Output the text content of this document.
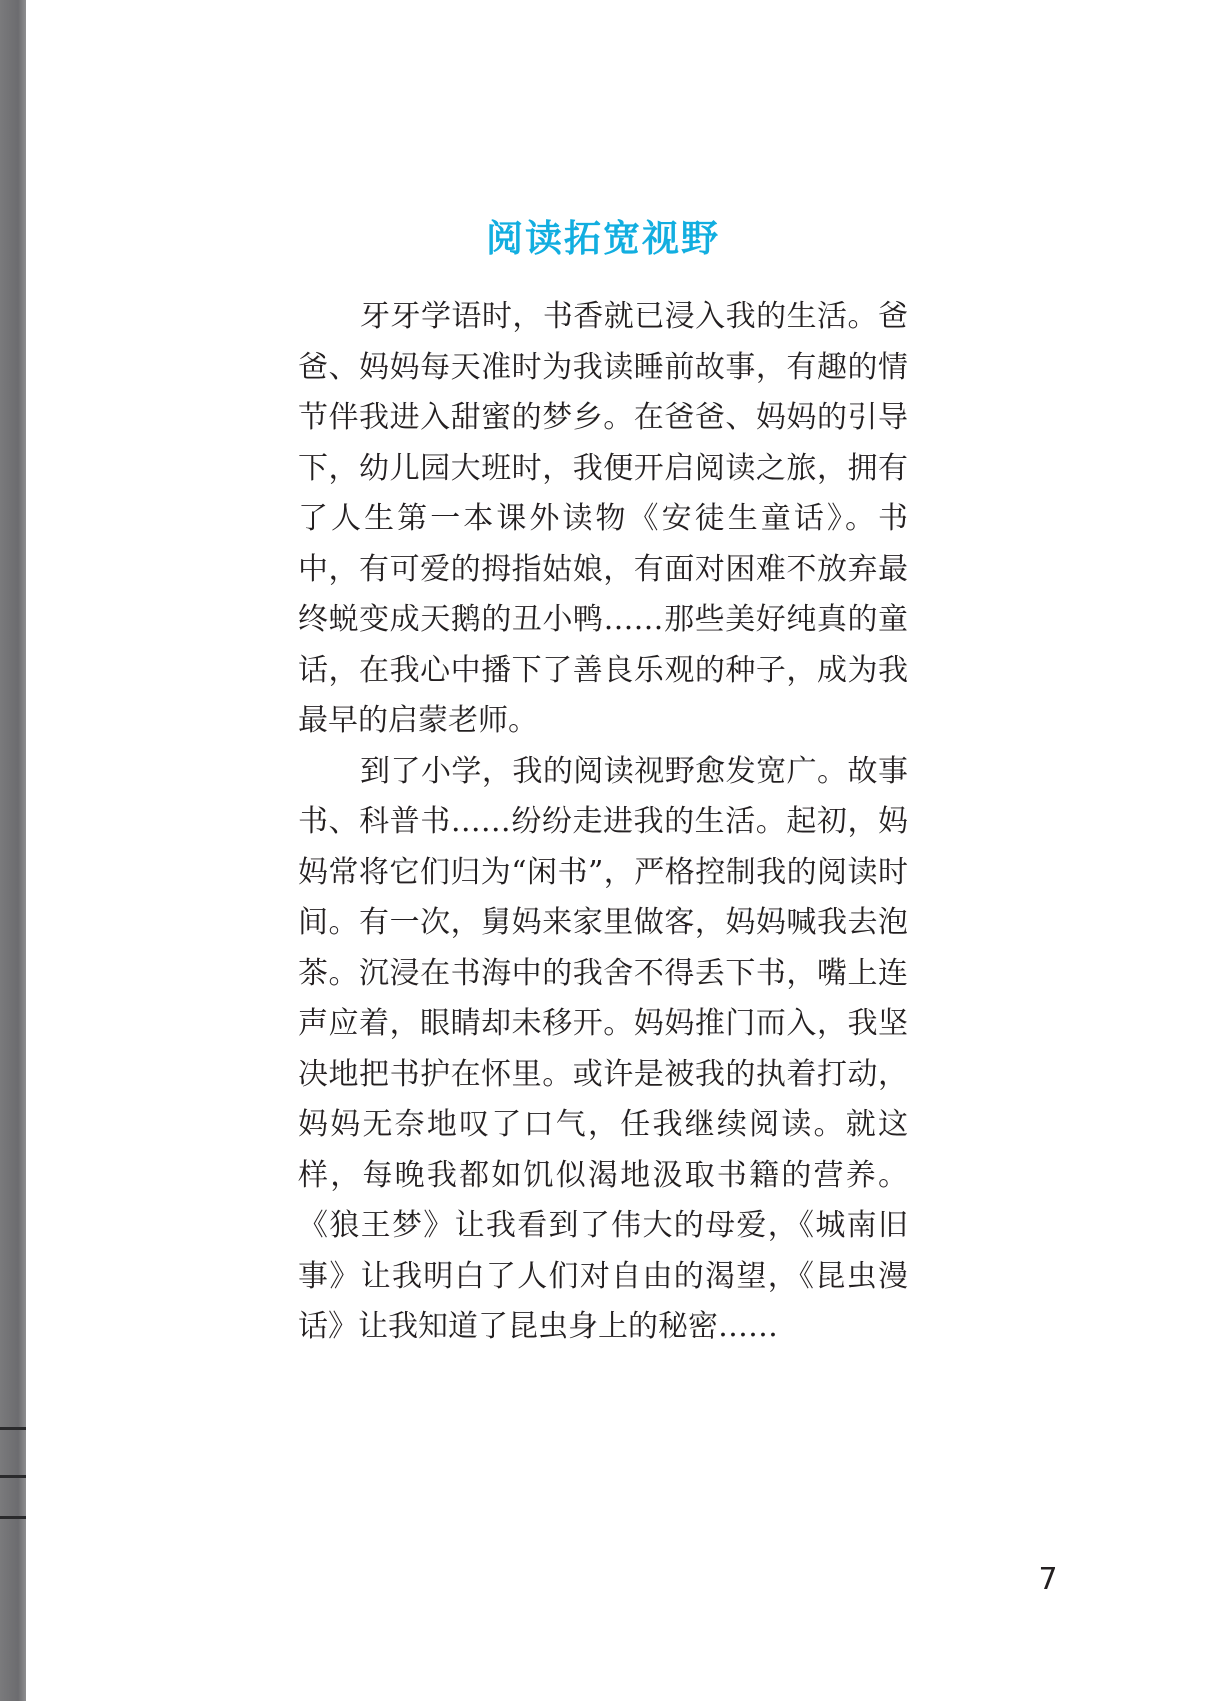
阅读拓宽视野

牙牙学语时，书香就已浸入我的生活。爸爸、妈妈每天准时为我读睡前故事，有趣的情节伴我进入甜蜜的梦乡。在爸爸、妈妈的引导下，幼儿园大班时，我便开启阅读之旅，拥有了人生第一本课外读物《安徒生童话》。书中，有可爱的拇指姑娘，有面对困难不放弃最终蜕变成天鹅的丑小鸭……那些美好纯真的童话，在我心中播下了善良乐观的种子，成为我最早的启蒙老师。

到了小学，我的阅读视野愈发宽广。故事书、科普书……纷纷走进我的生活。起初，妈妈常将它们归为“闲书”，严格控制我的阅读时间。有一次，舅妈来家里做客，妈妈喊我去泡茶。沉浸在书海中的我舍不得丢下书，嘴上连声应着，眼睛却未移开。妈妈推门而入，我坚决地把书护在怀里。或许是被我的执着打动，妈妈无奈地叹了口气，任我继续阅读。就这样，每晚我都如饥似渴地汲取书籍的营养。《狼王梦》让我看到了伟大的母爱，《城南旧事》让我明白了人们对自由的渴望，《昆虫漫话》让我知道了昆虫身上的秘密……

7
